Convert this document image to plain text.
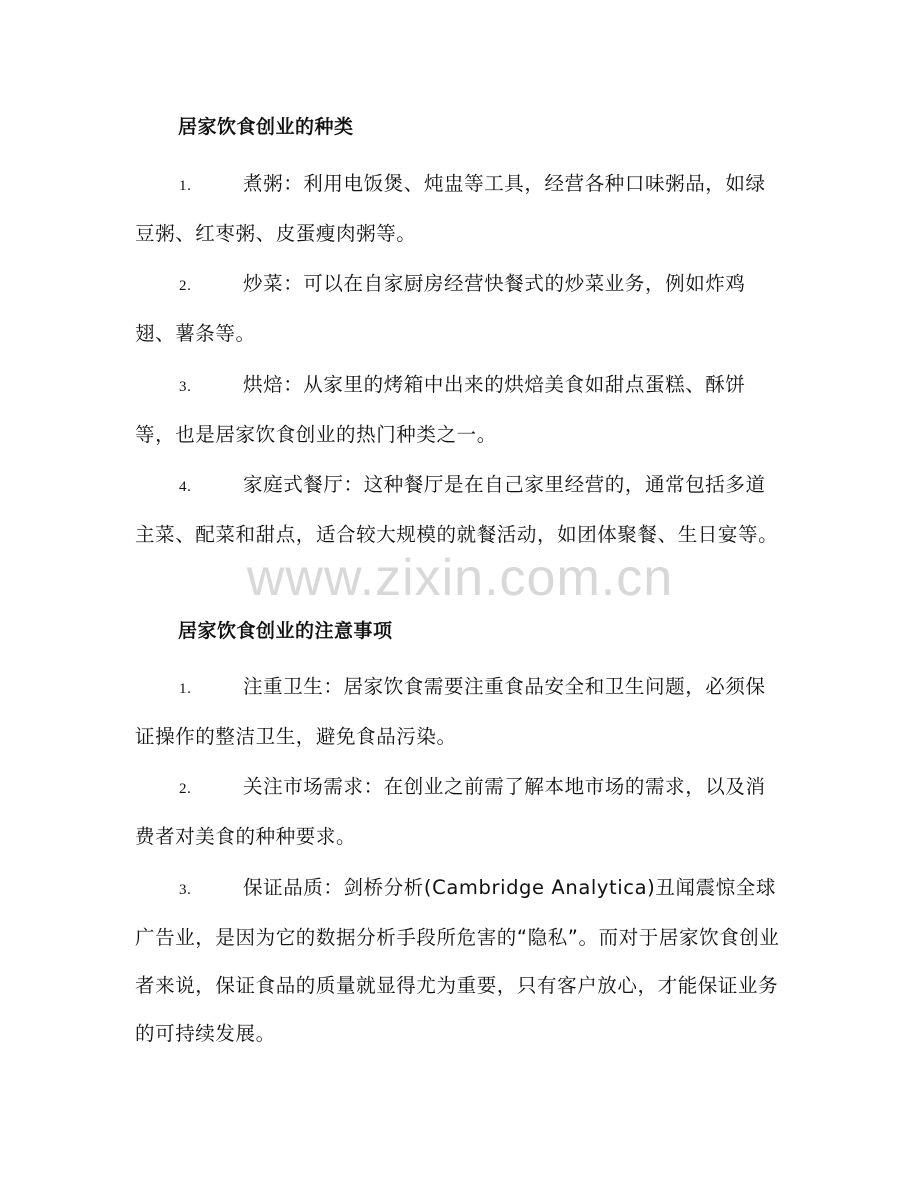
居家饮食创业的种类
1.	煮粥：利用电饭煲、炖盅等工具，经营各种口味粥品，如绿豆粥、红枣粥、皮蛋瘦肉粥等。
2.	炒菜：可以在自家厨房经营快餐式的炒菜业务，例如炸鸡翅、薯条等。
3.	烘焙：从家里的烤箱中出来的烘焙美食如甜点蛋糕、酥饼等，也是居家饮食创业的热门种类之一。
4.	家庭式餐厅：这种餐厅是在自己家里经营的，通常包括多道主菜、配菜和甜点，适合较大规模的就餐活动，如团体聚餐、生日宴等。
居家饮食创业的注意事项
1.	注重卫生：居家饮食需要注重食品安全和卫生问题，必须保证操作的整洁卫生，避免食品污染。
2.	关注市场需求：在创业之前需了解本地市场的需求，以及消费者对美食的种种要求。
3.	保证品质：剑桥分析(Cambridge Analytica)丑闻震惊全球广告业，是因为它的数据分析手段所危害的“隐私”。而对于居家饮食创业者来说，保证食品的质量就显得尤为重要，只有客户放心，才能保证业务的可持续发展。
www.zixin.com.cn
